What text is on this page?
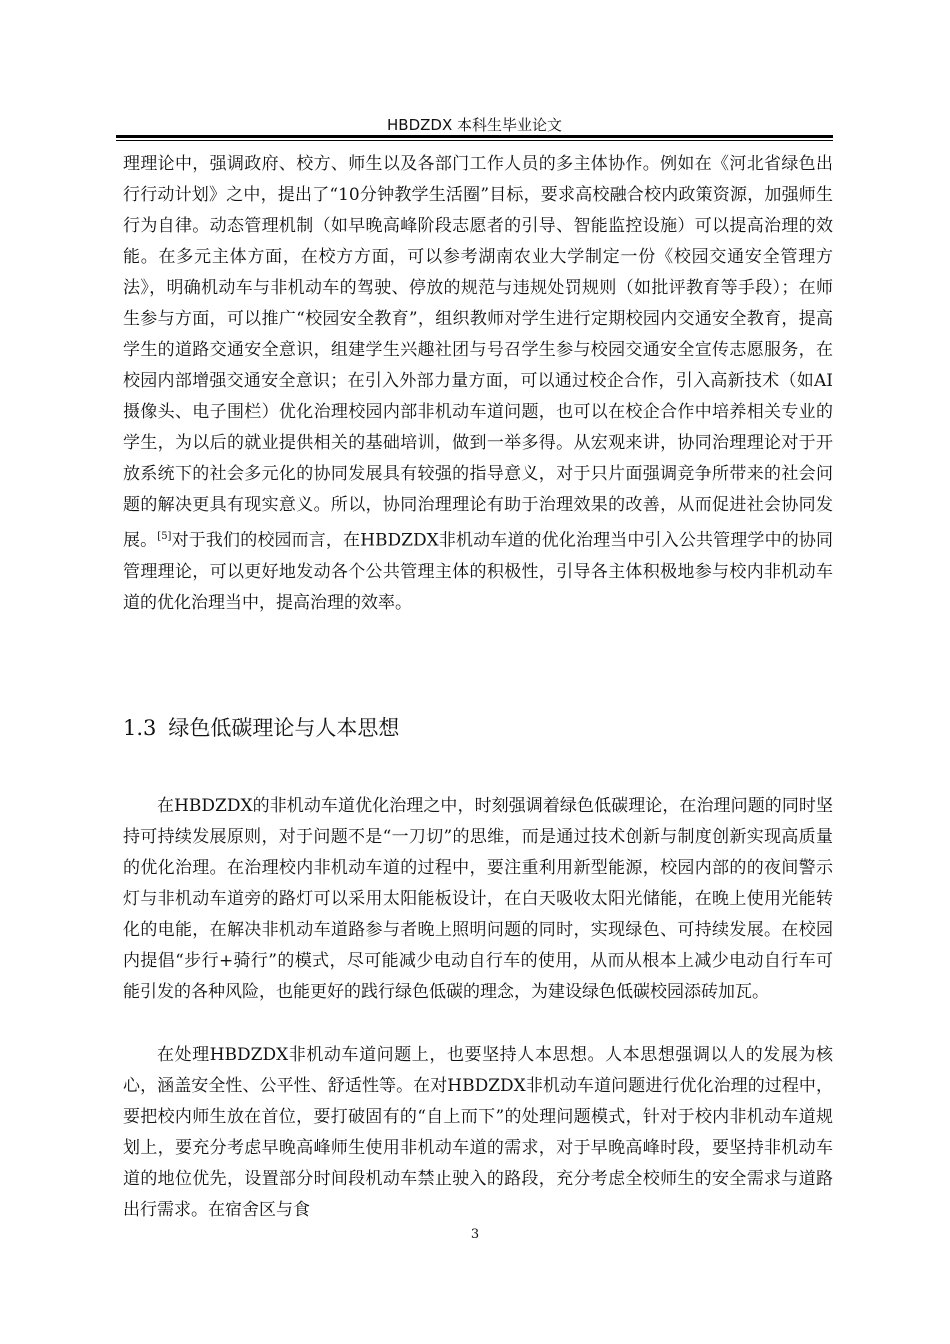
HBDZDX 本科生毕业论文

理理论中，强调政府、校方、师生以及各部门工作人员的多主体协作。例如在《河北省绿色出行行动计划》之中，提出了“10分钟教学生活圈”目标，要求高校融合校内政策资源，加强师生行为自律。动态管理机制（如早晚高峰阶段志愿者的引导、智能监控设施）可以提高治理的效能。在多元主体方面，在校方方面，可以参考湖南农业大学制定一份《校园交通安全管理方法》，明确机动车与非机动车的驾驶、停放的规范与违规处罚规则（如批评教育等手段）；在师生参与方面，可以推广“校园安全教育”，组织教师对学生进行定期校园内交通安全教育，提高学生的道路交通安全意识，组建学生兴趣社团与号召学生参与校园交通安全宣传志愿服务，在校园内部增强交通安全意识；在引入外部力量方面，可以通过校企合作，引入高新技术（如AI摄像头、电子围栏）优化治理校园内部非机动车道问题，也可以在校企合作中培养相关专业的学生，为以后的就业提供相关的基础培训，做到一举多得。从宏观来讲，协同治理理论对于开放系统下的社会多元化的协同发展具有较强的指导意义，对于只片面强调竞争所带来的社会问题的解决更具有现实意义。所以，协同治理理论有助于治理效果的改善，从而促进社会协同发展。[5]对于我们的校园而言，在HBDZDX非机动车道的优化治理当中引入公共管理学中的协同管理理论，可以更好地发动各个公共管理主体的积极性，引导各主体积极地参与校内非机动车道的优化治理当中，提高治理的效率。

1.3 绿色低碳理论与人本思想

在HBDZDX的非机动车道优化治理之中，时刻强调着绿色低碳理论，在治理问题的同时坚持可持续发展原则，对于问题不是“一刀切”的思维，而是通过技术创新与制度创新实现高质量的优化治理。在治理校内非机动车道的过程中，要注重利用新型能源，校园内部的的夜间警示灯与非机动车道旁的路灯可以采用太阳能板设计，在白天吸收太阳光储能，在晚上使用光能转化的电能，在解决非机动车道路参与者晚上照明问题的同时，实现绿色、可持续发展。在校园内提倡“步行+骑行”的模式，尽可能减少电动自行车的使用，从而从根本上减少电动自行车可能引发的各种风险，也能更好的践行绿色低碳的理念，为建设绿色低碳校园添砖加瓦。

在处理HBDZDX非机动车道问题上，也要坚持人本思想。人本思想强调以人的发展为核心，涵盖安全性、公平性、舒适性等。在对HBDZDX非机动车道问题进行优化治理的过程中，要把校内师生放在首位，要打破固有的“自上而下”的处理问题模式，针对于校内非机动车道规划上，要充分考虑早晚高峰师生使用非机动车道的需求，对于早晚高峰时段，要坚持非机动车道的地位优先，设置部分时间段机动车禁止驶入的路段，充分考虑全校师生的安全需求与道路出行需求。在宿舍区与食

3
